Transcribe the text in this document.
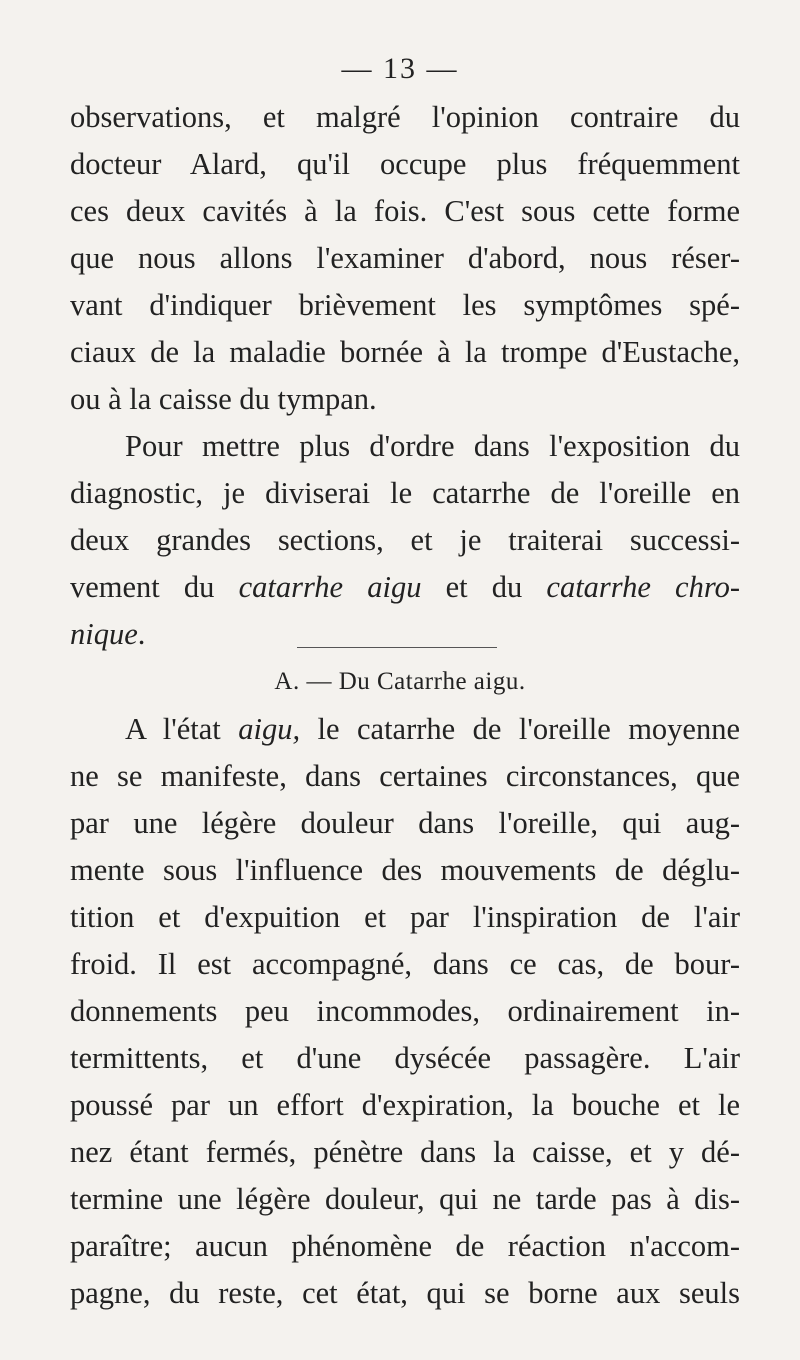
— 13 —
observations, et malgré l'opinion contraire du
docteur Alard, qu'il occupe plus fréquemment
ces deux cavités à la fois. C'est sous cette forme
que nous allons l'examiner d'abord, nous réser-
vant d'indiquer brièvement les symptômes spé-
ciaux de la maladie bornée à la trompe d'Eustache,
ou à la caisse du tympan.
Pour mettre plus d'ordre dans l'exposition du
diagnostic, je diviserai le catarrhe de l'oreille en
deux grandes sections, et je traiterai successi-
vement du catarrhe aigu et du catarrhe chro-
nique.
A. — Du Catarrhe aigu.
A l'état aigu, le catarrhe de l'oreille moyenne
ne se manifeste, dans certaines circonstances, que
par une légère douleur dans l'oreille, qui aug-
mente sous l'influence des mouvements de déglu-
tition et d'expuition et par l'inspiration de l'air
froid. Il est accompagné, dans ce cas, de bour-
donnements peu incommodes, ordinairement in-
termittents, et d'une dysécée passagère. L'air
poussé par un effort d'expiration, la bouche et le
nez étant fermés, pénètre dans la caisse, et y dé-
termine une légère douleur, qui ne tarde pas à dis-
paraître; aucun phénomène de réaction n'accom-
pagne, du reste, cet état, qui se borne aux seuls
